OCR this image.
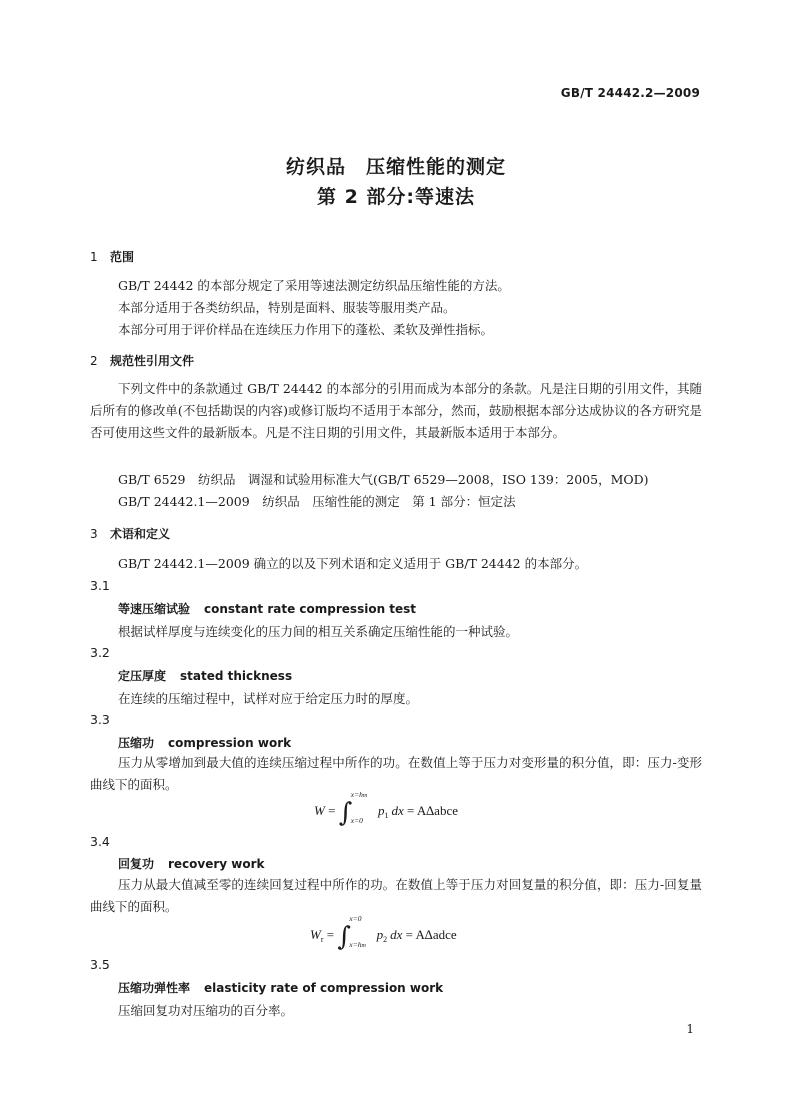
GB/T 24442.2—2009
纺织品　压缩性能的测定
第 2 部分:等速法
1 范围
GB/T 24442 的本部分规定了采用等速法测定纺织品压缩性能的方法。
本部分适用于各类纺织品，特别是面料、服装等服用类产品。
本部分可用于评价样品在连续压力作用下的蓬松、柔软及弹性指标。
2 规范性引用文件
下列文件中的条款通过 GB/T 24442 的本部分的引用而成为本部分的条款。凡是注日期的引用文件，其随后所有的修改单(不包括勘误的内容)或修订版均不适用于本部分，然而，鼓励根据本部分达成协议的各方研究是否可使用这些文件的最新版本。凡是不注日期的引用文件，其最新版本适用于本部分。
GB/T 6529　纺织品　调湿和试验用标准大气(GB/T 6529—2008，ISO 139：2005，MOD)
GB/T 24442.1—2009　纺织品　压缩性能的测定　第 1 部分：恒定法
3 术语和定义
GB/T 24442.1—2009 确立的以及下列术语和定义适用于 GB/T 24442 的本部分。
3.1
等速压缩试验 constant rate compression test
根据试样厚度与连续变化的压力间的相互关系确定压缩性能的一种试验。
3.2
定压厚度 stated thickness
在连续的压缩过程中，试样对应于给定压力时的厚度。
3.3
压缩功 compression work
压力从零增加到最大值的连续压缩过程中所作的功。在数值上等于压力对变形量的积分值，即：压力-变形曲线下的面积。
W = ∫
x=hm
x=0
$p_1$ dx = A∆abce
3.4
回复功 recovery work
压力从最大值减至零的连续回复过程中所作的功。在数值上等于压力对回复量的积分值，即：压力-回复量曲线下的面积。
$W_r$ = ∫
x=0
x=hm
$p_2$ dx = A∆adce
3.5
压缩功弹性率 elasticity rate of compression work
压缩回复功对压缩功的百分率。
1
